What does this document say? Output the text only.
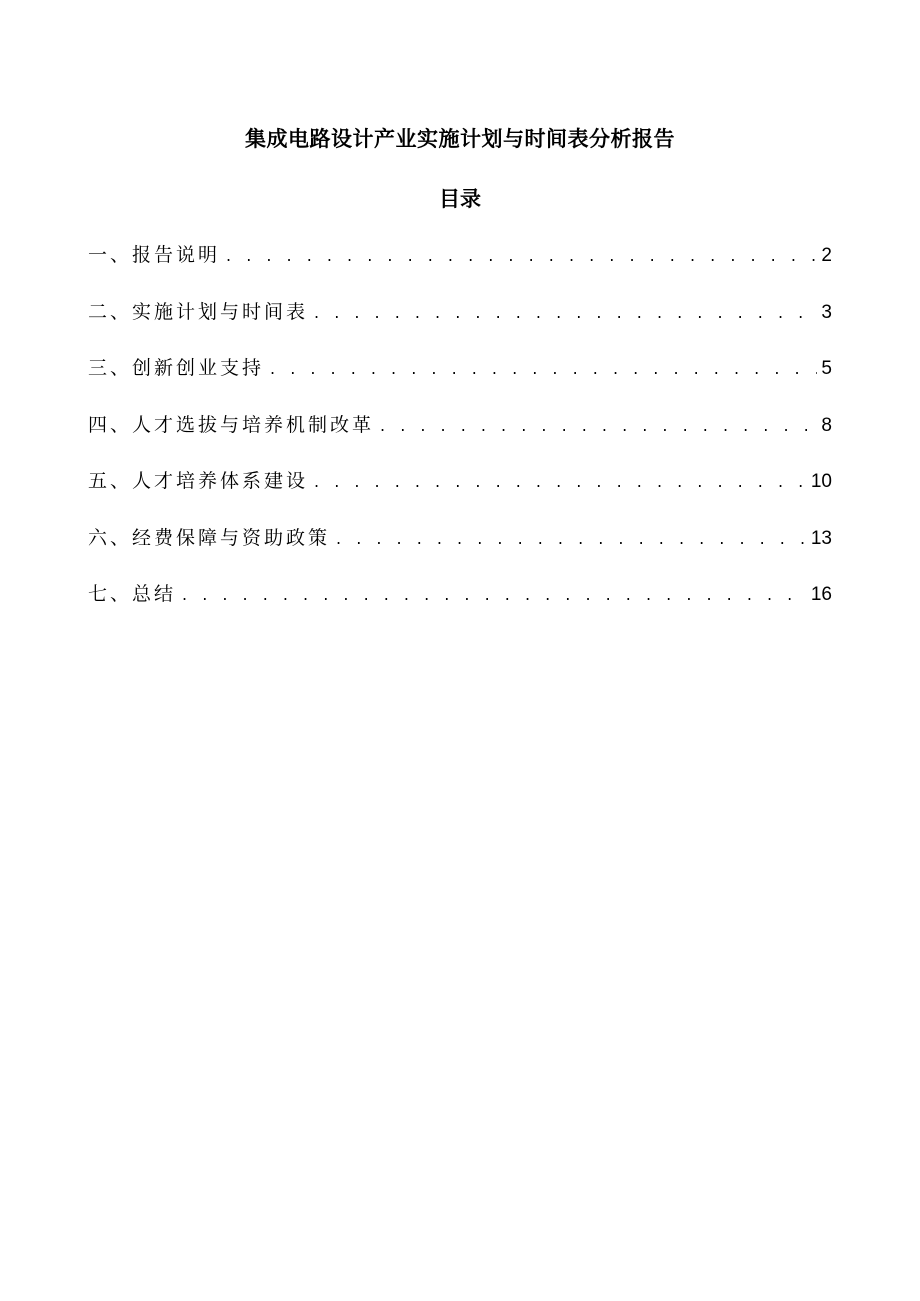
集成电路设计产业实施计划与时间表分析报告
目录
一、报告说明 . . .	2
二、实施计划与时间表 . . .	3
三、创新创业支持 . . .	5
四、人才选拔与培养机制改革 . . .	8
五、人才培养体系建设 . . .	10
六、经费保障与资助政策 . . .	13
七、总结 . . .	16
